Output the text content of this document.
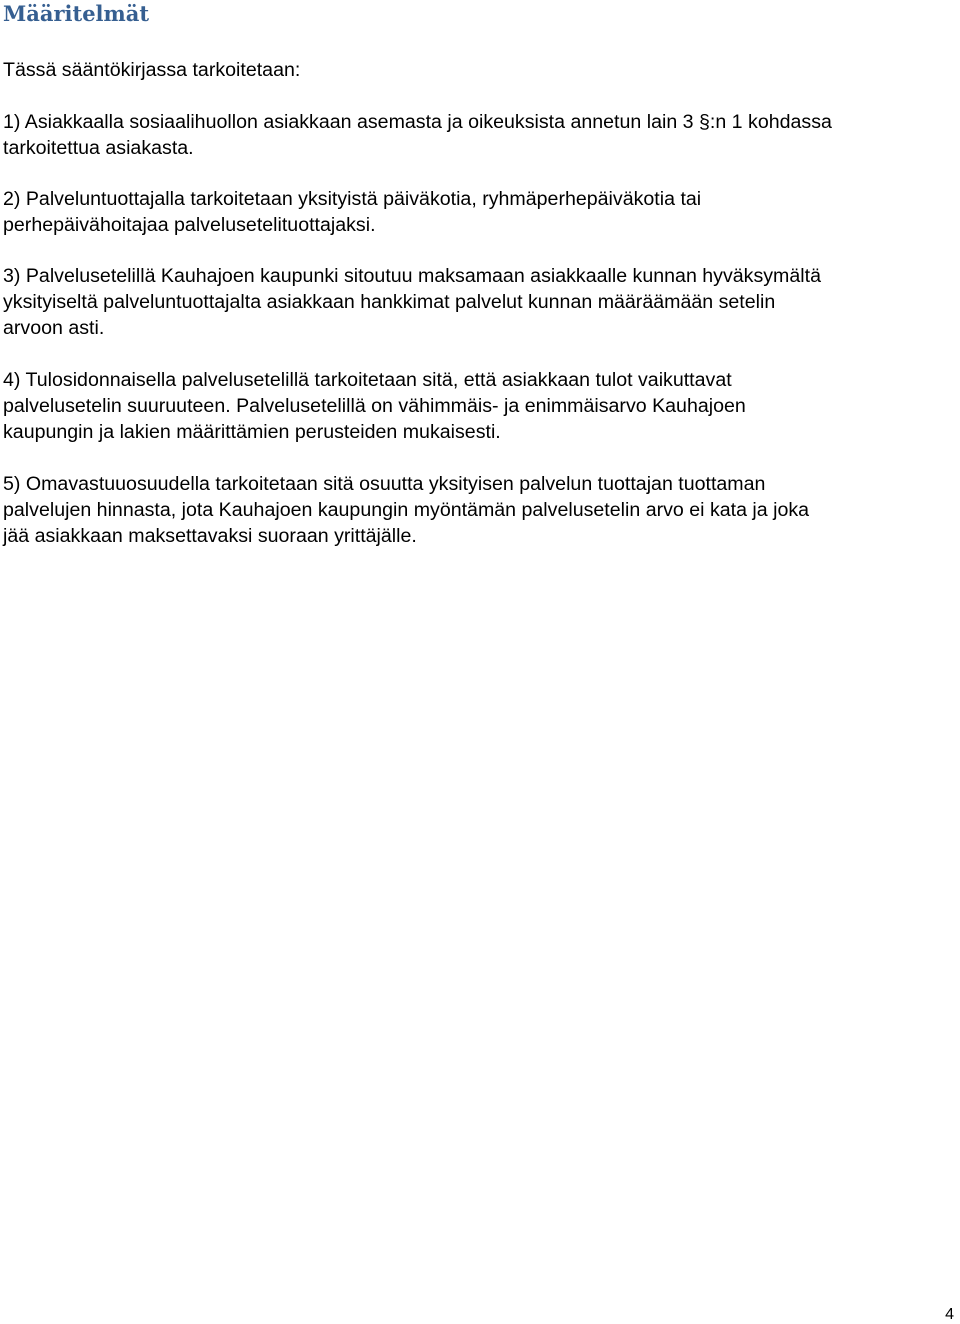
Määritelmät

Tässä sääntökirjassa tarkoitetaan:

1) Asiakkaalla sosiaalihuollon asiakkaan asemasta ja oikeuksista annetun lain 3 §:n 1 kohdassa
tarkoitettua asiakasta.

2) Palveluntuottajalla tarkoitetaan yksityistä päiväkotia, ryhmäperhepäiväkotia tai
perhepäivähoitajaa palvelusetelituottajaksi.

3) Palvelusetelillä Kauhajoen kaupunki sitoutuu maksamaan asiakkaalle kunnan hyväksymältä
yksityiseltä palveluntuottajalta asiakkaan hankkimat palvelut kunnan määräämään setelin
arvoon asti.

4) Tulosidonnaisella palvelusetelillä tarkoitetaan sitä, että asiakkaan tulot vaikuttavat
palvelusetelin suuruuteen. Palvelusetelillä on vähimmäis- ja enimmäisarvo Kauhajoen
kaupungin ja lakien määrittämien perusteiden mukaisesti.

5) Omavastuuosuudella tarkoitetaan sitä osuutta yksityisen palvelun tuottajan tuottaman
palvelujen hinnasta, jota Kauhajoen kaupungin myöntämän palvelusetelin arvo ei kata ja joka
jää asiakkaan maksettavaksi suoraan yrittäjälle.

4
